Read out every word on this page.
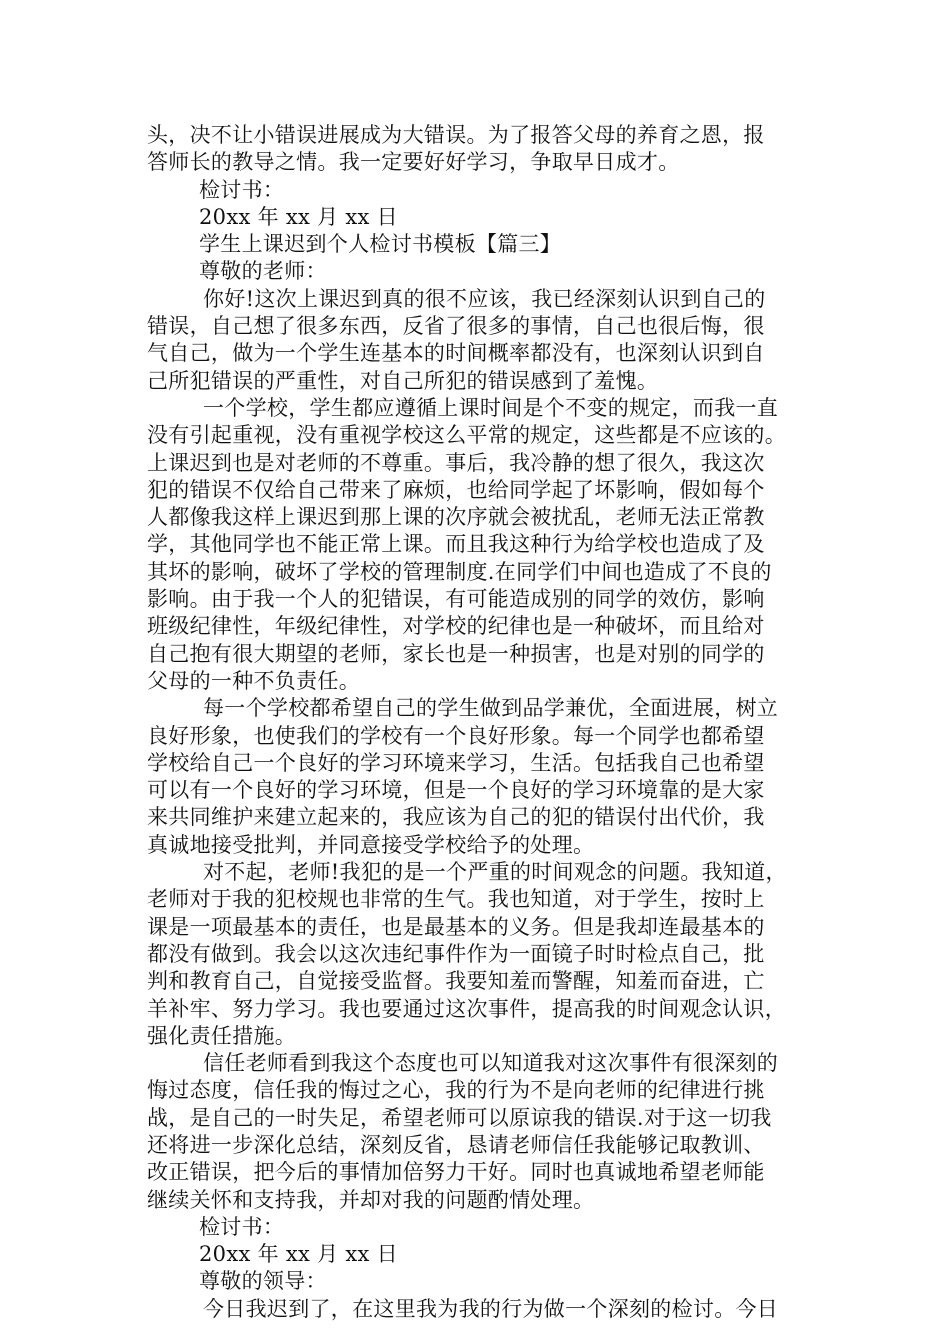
头，决不让小错误进展成为大错误。为了报答父母的养育之恩，报
答师长的教导之情。我一定要好好学习，争取早日成才。
检讨书：
20xx 年 xx 月 xx 日
学生上课迟到个人检讨书模板【篇三】
尊敬的老师：
你好!这次上课迟到真的很不应该，我已经深刻认识到自己的
错误，自己想了很多东西，反省了很多的事情，自己也很后悔，很
气自己，做为一个学生连基本的时间概率都没有，也深刻认识到自
己所犯错误的严重性，对自己所犯的错误感到了羞愧。
一个学校，学生都应遵循上课时间是个不变的规定，而我一直
没有引起重视，没有重视学校这么平常的规定，这些都是不应该的。
上课迟到也是对老师的不尊重。事后，我冷静的想了很久，我这次
犯的错误不仅给自己带来了麻烦，也给同学起了坏影响，假如每个
人都像我这样上课迟到那上课的次序就会被扰乱，老师无法正常教
学，其他同学也不能正常上课。而且我这种行为给学校也造成了及
其坏的影响，破坏了学校的管理制度.在同学们中间也造成了不良的
影响。由于我一个人的犯错误，有可能造成别的同学的效仿，影响
班级纪律性，年级纪律性，对学校的纪律也是一种破坏，而且给对
自己抱有很大期望的老师，家长也是一种损害，也是对别的同学的
父母的一种不负责任。
每一个学校都希望自己的学生做到品学兼优，全面进展，树立
良好形象，也使我们的学校有一个良好形象。每一个同学也都希望
学校给自己一个良好的学习环境来学习，生活。包括我自己也希望
可以有一个良好的学习环境，但是一个良好的学习环境靠的是大家
来共同维护来建立起来的，我应该为自己的犯的错误付出代价，我
真诚地接受批判，并同意接受学校给予的处理。
对不起，老师!我犯的是一个严重的时间观念的问题。我知道，
老师对于我的犯校规也非常的生气。我也知道，对于学生，按时上
课是一项最基本的责任，也是最基本的义务。但是我却连最基本的
都没有做到。我会以这次违纪事件作为一面镜子时时检点自己，批
判和教育自己，自觉接受监督。我要知羞而警醒，知羞而奋进，亡
羊补牢、努力学习。我也要通过这次事件，提高我的时间观念认识，
强化责任措施。
信任老师看到我这个态度也可以知道我对这次事件有很深刻的
悔过态度，信任我的悔过之心，我的行为不是向老师的纪律进行挑
战，是自己的一时失足，希望老师可以原谅我的错误.对于这一切我
还将进一步深化总结，深刻反省，恳请老师信任我能够记取教训、
改正错误，把今后的事情加倍努力干好。同时也真诚地希望老师能
继续关怀和支持我，并却对我的问题酌情处理。
检讨书：
20xx 年 xx 月 xx 日
尊敬的领导：
今日我迟到了，在这里我为我的行为做一个深刻的检讨。今日
